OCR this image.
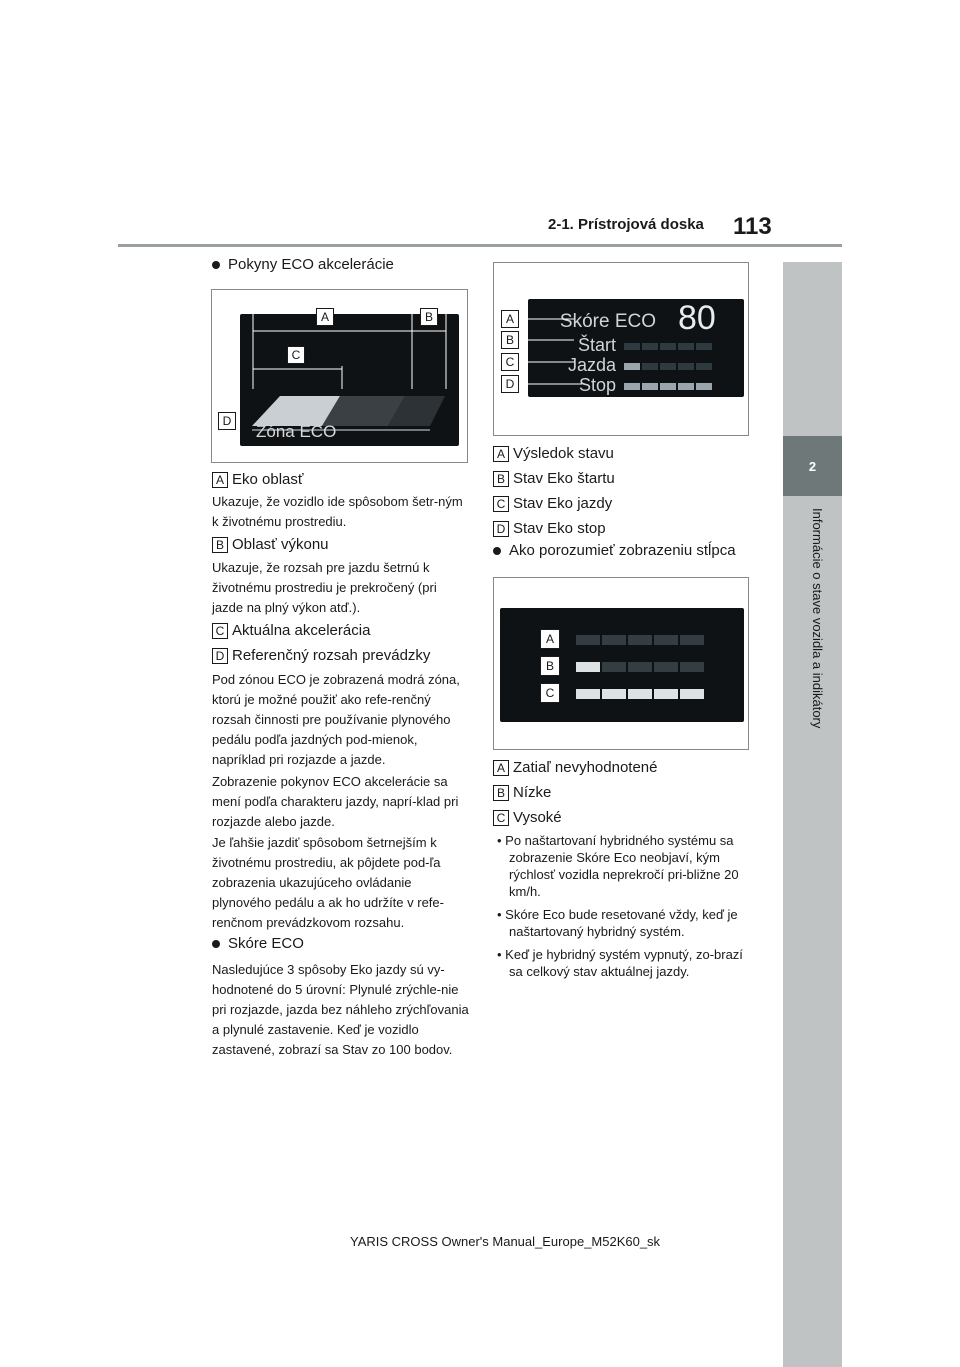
2-1. Prístrojová doska 113
2
Informácie o stave vozidla a indikátory
Pokyny ECO akcelerácie
Zóna ECO
A	B
C
D
A Eko oblasť
Ukazuje, že vozidlo ide spôsobom šetr-ným k životnému prostrediu.
B Oblasť výkonu
Ukazuje, že rozsah pre jazdu šetrnú k životnému prostrediu je prekročený (pri jazde na plný výkon atď.).
C Aktuálna akcelerácia
D Referenčný rozsah prevádzky
Pod zónou ECO je zobrazená modrá zóna, ktorú je možné použiť ako refe-renčný rozsah činnosti pre používanie plynového pedálu podľa jazdných pod-mienok, napríklad pri rozjazde a jazde.
Zobrazenie pokynov ECO akcelerácie sa mení podľa charakteru jazdy, naprí-klad pri rozjazde alebo jazde.
Je ľahšie jazdiť spôsobom šetrnejším k životnému prostrediu, ak pôjdete pod-ľa zobrazenia ukazujúceho ovládanie plynového pedálu a ak ho udržíte v refe-renčnom prevádzkovom rozsahu.
Skóre ECO
Nasledujúce 3 spôsoby Eko jazdy sú vy-hodnotené do 5 úrovní: Plynulé zrýchle-nie pri rozjazde, jazda bez náhleho zrýchľovania a plynulé zastavenie. Keď je vozidlo zastavené, zobrazí sa Stav zo 100 bodov.
Skóre ECO 80
Štart
Jazda
Stop
A
B
C
D
A Výsledok stavu
B Stav Eko štartu
C Stav Eko jazdy
D Stav Eko stop
Ako porozumieť zobrazeniu stĺpca
A
B
C
A Zatiaľ nevyhodnotené
B Nízke
C Vysoké
• Po naštartovaní hybridného systému sa zobrazenie Skóre Eco neobjaví, kým rýchlosť vozidla neprekročí pri-bližne 20 km/h.
• Skóre Eco bude resetované vždy, keď je naštartovaný hybridný systém.
• Keď je hybridný systém vypnutý, zo-brazí sa celkový stav aktuálnej jazdy.
YARIS CROSS Owner's Manual_Europe_M52K60_sk
